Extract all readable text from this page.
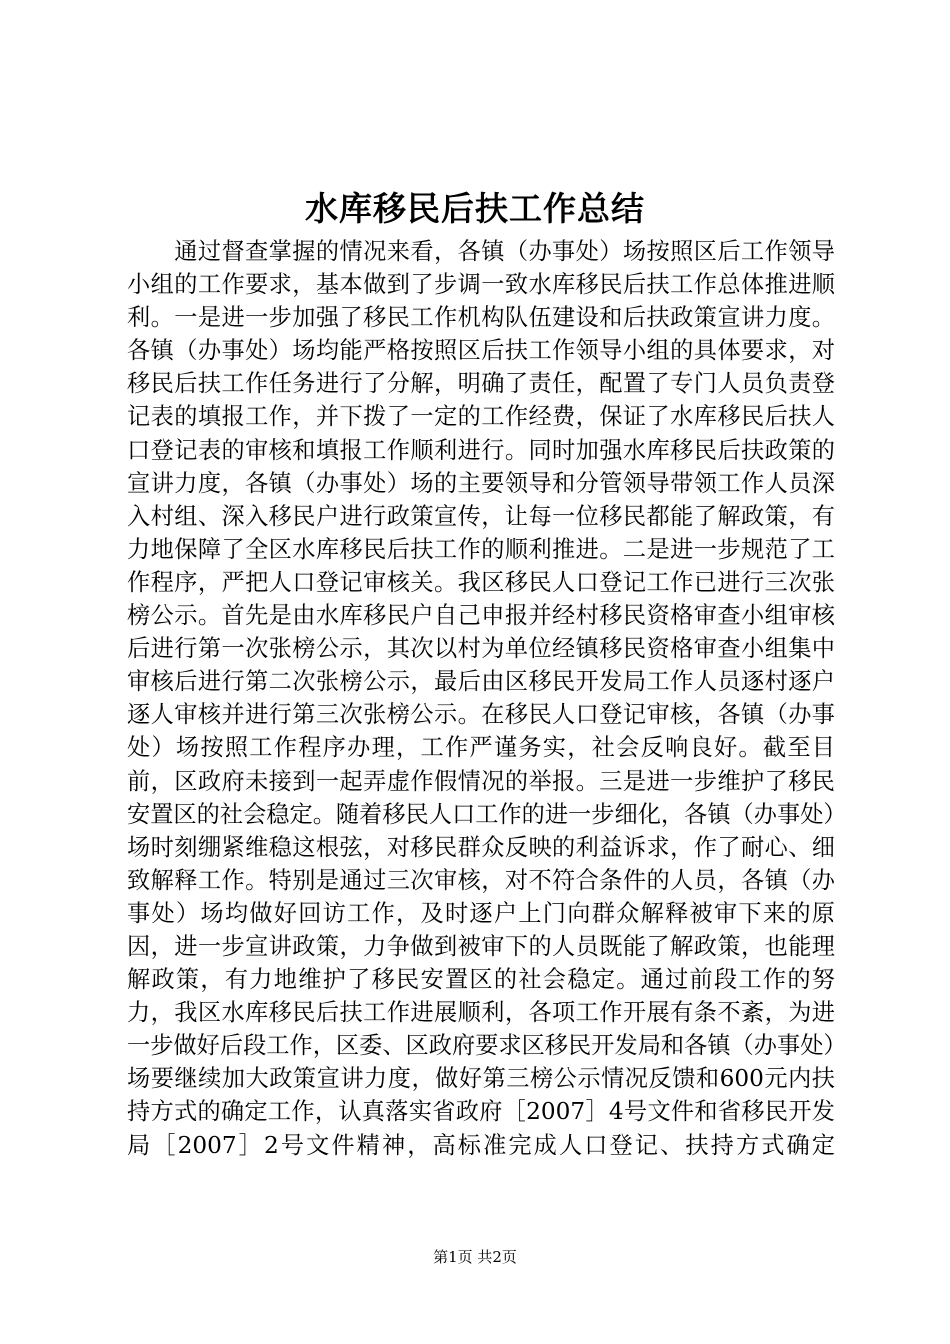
水库移民后扶工作总结

　　通过督查掌握的情况来看，各镇（办事处）场按照区后工作领导小组的工作要求，基本做到了步调一致水库移民后扶工作总体推进顺利。一是进一步加强了移民工作机构队伍建设和后扶政策宣讲力度。各镇（办事处）场均能严格按照区后扶工作领导小组的具体要求，对移民后扶工作任务进行了分解，明确了责任，配置了专门人员负责登记表的填报工作，并下拨了一定的工作经费，保证了水库移民后扶人口登记表的审核和填报工作顺利进行。同时加强水库移民后扶政策的宣讲力度，各镇（办事处）场的主要领导和分管领导带领工作人员深入村组、深入移民户进行政策宣传，让每一位移民都能了解政策，有力地保障了全区水库移民后扶工作的顺利推进。二是进一步规范了工作程序，严把人口登记审核关。我区移民人口登记工作已进行三次张榜公示。首先是由水库移民户自己申报并经村移民资格审查小组审核后进行第一次张榜公示，其次以村为单位经镇移民资格审查小组集中审核后进行第二次张榜公示，最后由区移民开发局工作人员逐村逐户逐人审核并进行第三次张榜公示。在移民人口登记审核，各镇（办事处）场按照工作程序办理，工作严谨务实，社会反响良好。截至目前，区政府未接到一起弄虚作假情况的举报。三是进一步维护了移民安置区的社会稳定。随着移民人口工作的进一步细化，各镇（办事处）场时刻绷紧维稳这根弦，对移民群众反映的利益诉求，作了耐心、细致解释工作。特别是通过三次审核，对不符合条件的人员，各镇（办事处）场均做好回访工作，及时逐户上门向群众解释被审下来的原因，进一步宣讲政策，力争做到被审下的人员既能了解政策，也能理解政策，有力地维护了移民安置区的社会稳定。通过前段工作的努力，我区水库移民后扶工作进展顺利，各项工作开展有条不紊，为进一步做好后段工作，区委、区政府要求区移民开发局和各镇（办事处）场要继续加大政策宣讲力度，做好第三榜公示情况反馈和600元内扶持方式的确定工作，认真落实省政府［2007］4号文件和省移民开发局［2007］2号文件精神，高标准完成人口登记、扶持方式确定

第1页 共2页
